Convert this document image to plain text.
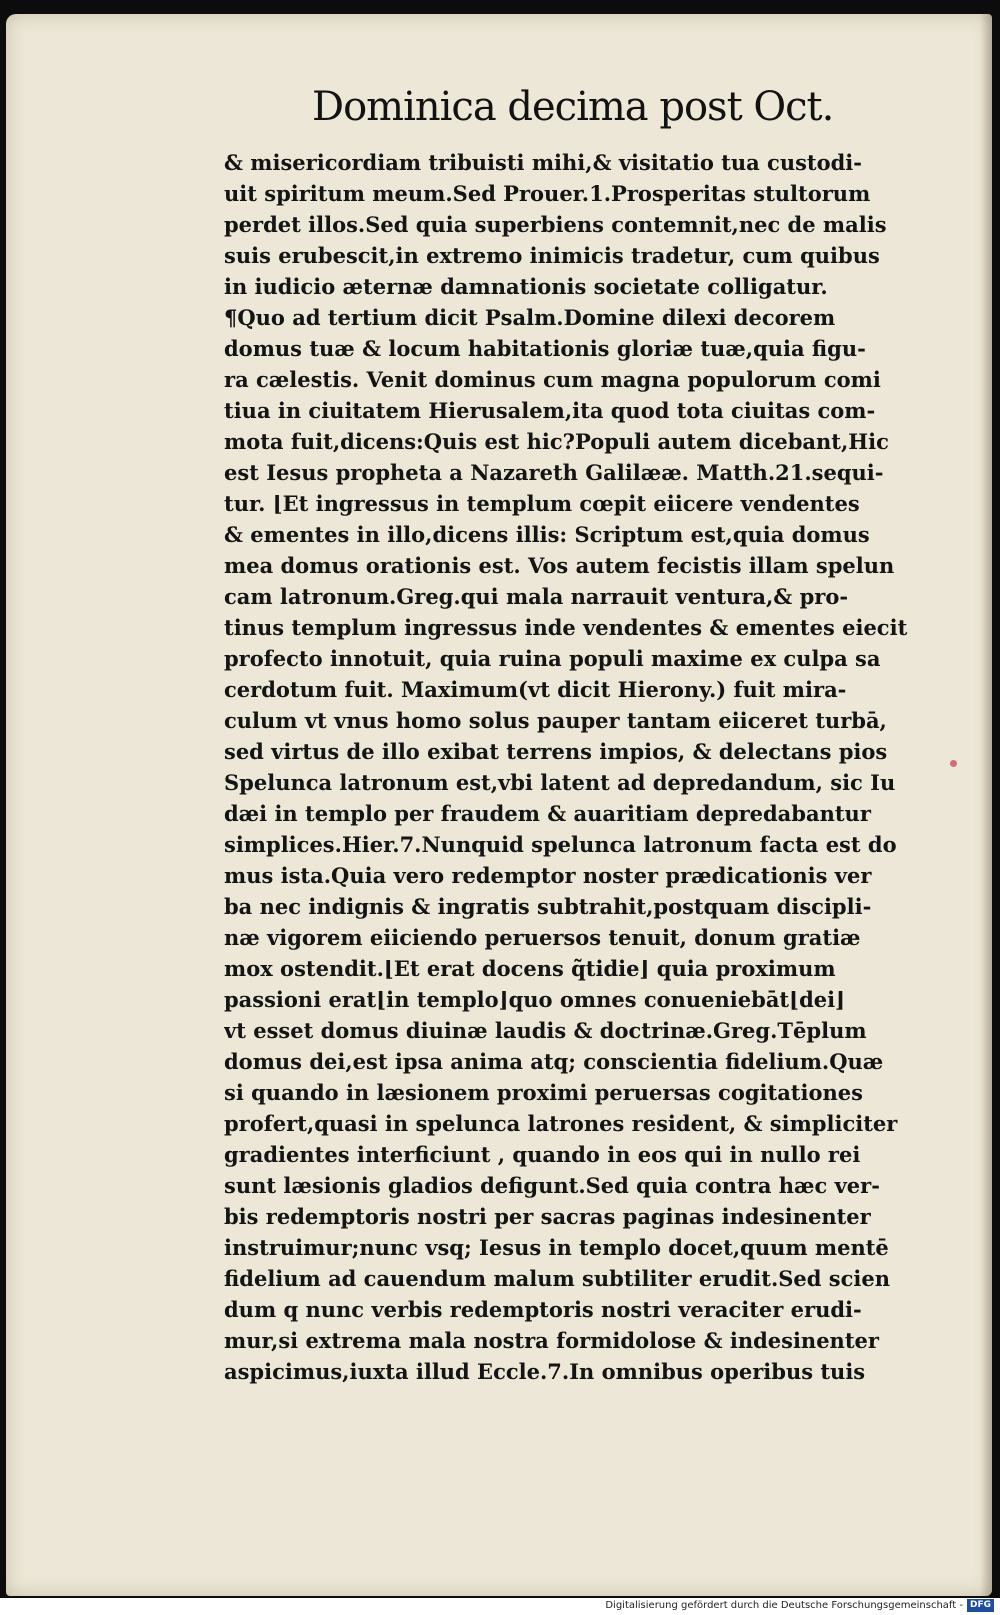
Dominica decima post Oct.
& misericordiam tribuisti mihi,& visitatio tua custodi-
uit spiritum meum.Sed Prouer.1.Prosperitas stultorum
perdet illos.Sed quia superbiens contemnit,nec de malis
suis erubescit,in extremo inimicis tradetur, cum quibus
in iudicio æternæ damnationis societate colligatur.
¶Quo ad tertium dicit Psalm.Domine dilexi decorem
domus tuæ & locum habitationis gloriæ tuæ,quia figu-
ra cælestis. Venit dominus cum magna populorum comi
tiua in ciuitatem Hierusalem,ita quod tota ciuitas com-
mota fuit,dicens:Quis est hic?Populi autem dicebant,Hic
est Iesus propheta a Nazareth Galilææ. Matth.21.sequi-
tur. ⌊Et ingressus in templum cœpit eiicere vendentes
& ementes in illo,dicens illis: Scriptum est,quia domus
mea domus orationis est. Vos autem fecistis illam spelun
cam latronum.Greg.qui mala narrauit ventura,& pro-
tinus templum ingressus inde vendentes & ementes eiecit
profecto innotuit, quia ruina populi maxime ex culpa sa
cerdotum fuit. Maximum(vt dicit Hierony.) fuit mira-
culum vt vnus homo solus pauper tantam eiiceret turbā,
sed virtus de illo exibat terrens impios, & delectans pios
Spelunca latronum est,vbi latent ad depredandum, sic Iu
dæi in templo per fraudem & auaritiam depredabantur
simplices.Hier.7.Nunquid spelunca latronum facta est do
mus ista.Quia vero redemptor noster prædicationis ver
ba nec indignis & ingratis subtrahit,postquam discipli-
næ vigorem eiiciendo peruersos tenuit, donum gratiæ
mox ostendit.⌊Et erat docens q̃tidie⌋ quia proximum
passioni erat⌊in templo⌋quo omnes conueniebāt⌊dei⌋
vt esset domus diuinæ laudis & doctrinæ.Greg.Tēplum
domus dei,est ipsa anima atq; conscientia fidelium.Quæ
si quando in læsionem proximi peruersas cogitationes
profert,quasi in spelunca latrones resident, & simpliciter
gradientes interficiunt , quando in eos qui in nullo rei
sunt læsionis gladios defigunt.Sed quia contra hæc ver-
bis redemptoris nostri per sacras paginas indesinenter
instruimur;nunc vsq; Iesus in templo docet,quum mentē
fidelium ad cauendum malum subtiliter erudit.Sed scien
dum q nunc verbis redemptoris nostri veraciter erudi-
mur,si extrema mala nostra formidolose & indesinenter
aspicimus,iuxta illud Eccle.7.In omnibus operibus tuis
Digitalisierung gefördert durch die Deutsche Forschungsgemeinschaft - DFG
